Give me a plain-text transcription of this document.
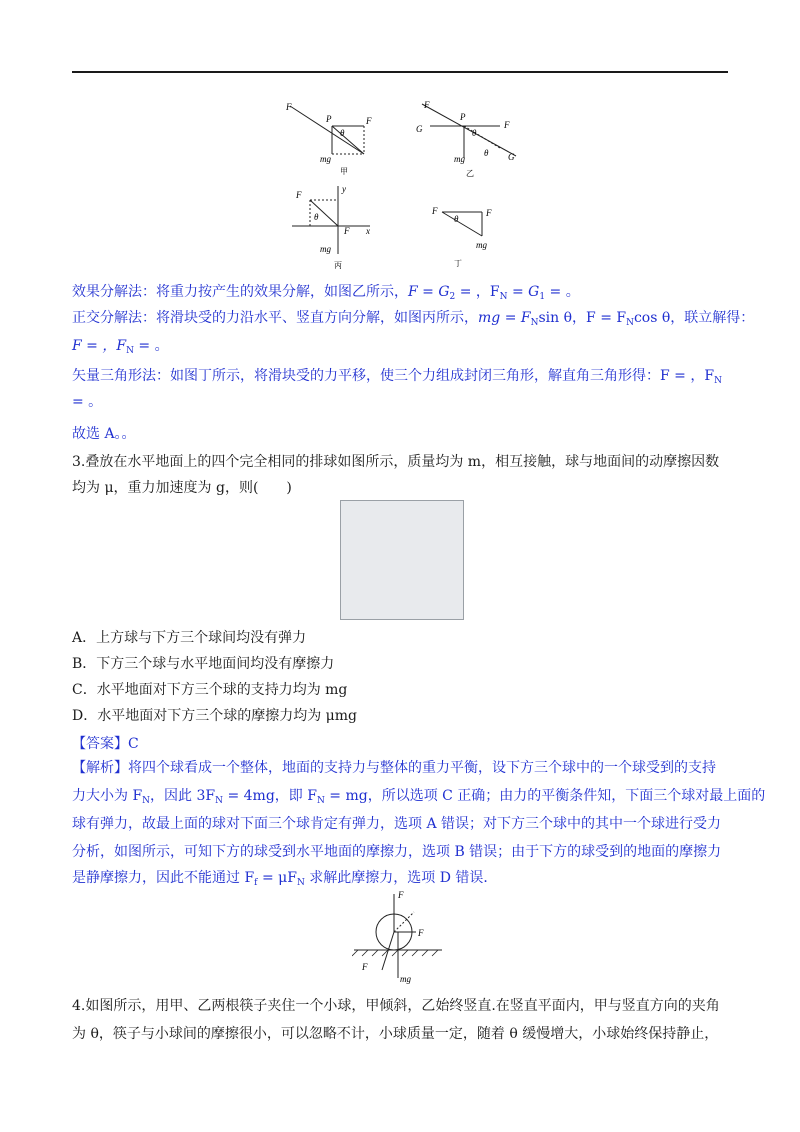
F
P	F
θ
mg
甲
F
G
P
F
θ
mg
θ G
乙
F
y
θ
F x
mg
丙
F
θ
F
mg
丁
效果分解法：将重力按产生的效果分解，如图乙所示，$F = G_2$ = ，$F_N = G_1$ = 。
正交分解法：将滑块受的力沿水平、竖直方向分解，如图丙所示，mg = $F_N\sin$ θ，$F = F_N\cos$ θ，联立解得：
F = ，$F_N$ = 。
矢量三角形法：如图丁所示，将滑块受的力平移，使三个力组成封闭三角形，解直角三角形得：F = ，$F_N$
= 。
故选 A。。
3.叠放在水平地面上的四个完全相同的排球如图所示，质量均为 m，相互接触，球与地面间的动摩擦因数
均为 μ，重力加速度为 g，则(　　)
A．上方球与下方三个球间均没有弹力
B．下方三个球与水平地面间均没有摩擦力
C．水平地面对下方三个球的支持力均为 mg
D．水平地面对下方三个球的摩擦力均为 μmg
【答案】C
【解析】将四个球看成一个整体，地面的支持力与整体的重力平衡，设下方三个球中的一个球受到的支持
力大小为 $F_N$，因此 $3F_N = 4mg$，即 $F_N$ = mg，所以选项 C 正确；由力的平衡条件知，下面三个球对最上面的
球有弹力，故最上面的球对下面三个球肯定有弹力，选项 A 错误；对下方三个球中的其中一个球进行受力
分析，如图所示，可知下方的球受到水平地面的摩擦力，选项 B 错误；由于下方的球受到的地面的摩擦力
是静摩擦力，因此不能通过 $F_f = \mu F_N$ 求解此摩擦力，选项 D 错误．
F
F
F
mg
4.如图所示，用甲、乙两根筷子夹住一个小球，甲倾斜，乙始终竖直.在竖直平面内，甲与竖直方向的夹角
为 θ，筷子与小球间的摩擦很小，可以忽略不计，小球质量一定，随着 θ 缓慢增大，小球始终保持静止，
